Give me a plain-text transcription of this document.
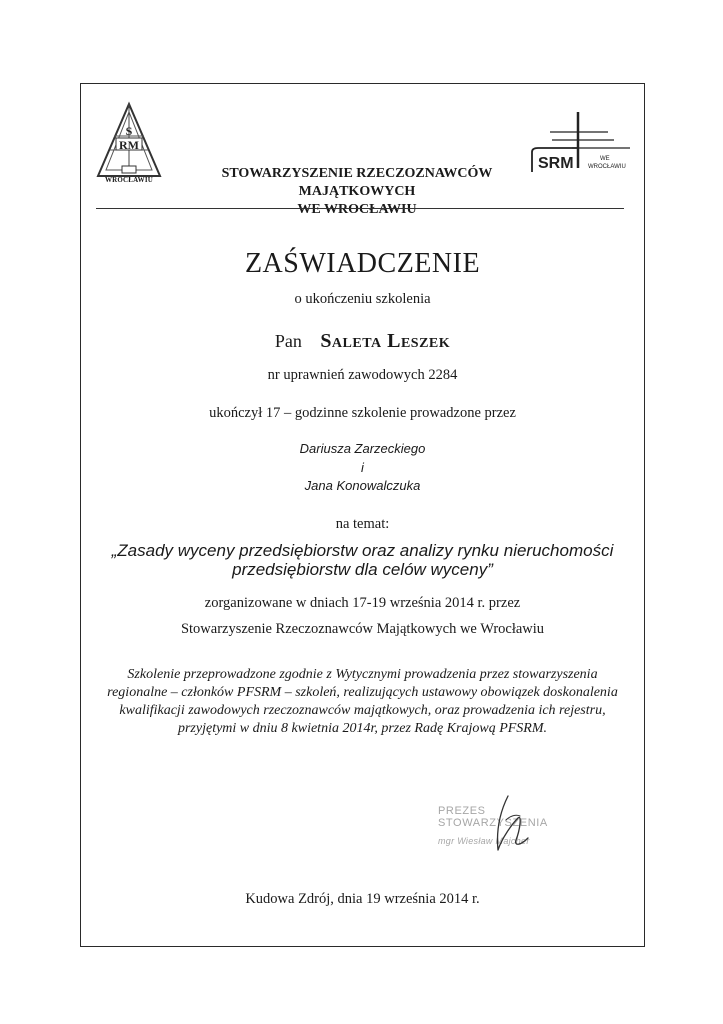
S
RM
WROCŁAWIU
SRM	WE
WROCŁAWIU
STOWARZYSZENIE RZECZOZNAWCÓW MAJĄTKOWYCH
WE WROCŁAWIU
ZAŚWIADCZENIE
o ukończeniu szkolenia
Pan Saleta Leszek
nr uprawnień zawodowych 2284
ukończył 17 – godzinne szkolenie prowadzone przez
Dariusza Zarzeckiego
i
Jana Konowalczuka
na temat:
„Zasady wyceny przedsiębiorstw oraz analizy rynku nieruchomości
przedsiębiorstw dla celów wyceny”
zorganizowane w dniach 17-19 września 2014 r. przez
Stowarzyszenie Rzeczoznawców Majątkowych we Wrocławiu
Szkolenie przeprowadzone zgodnie z Wytycznymi prowadzenia przez stowarzyszenia
regionalne – członków PFSRM – szkoleń, realizujących ustawowy obowiązek doskonalenia
kwalifikacji zawodowych rzeczoznawców majątkowych, oraz prowadzenia ich rejestru,
przyjętymi w dniu 8 kwietnia 2014r, przez Radę Krajową PFSRM.
PREZES STOWARZYSZENIA
mgr Wiesław Majcher
Kudowa Zdrój, dnia 19 września 2014 r.
